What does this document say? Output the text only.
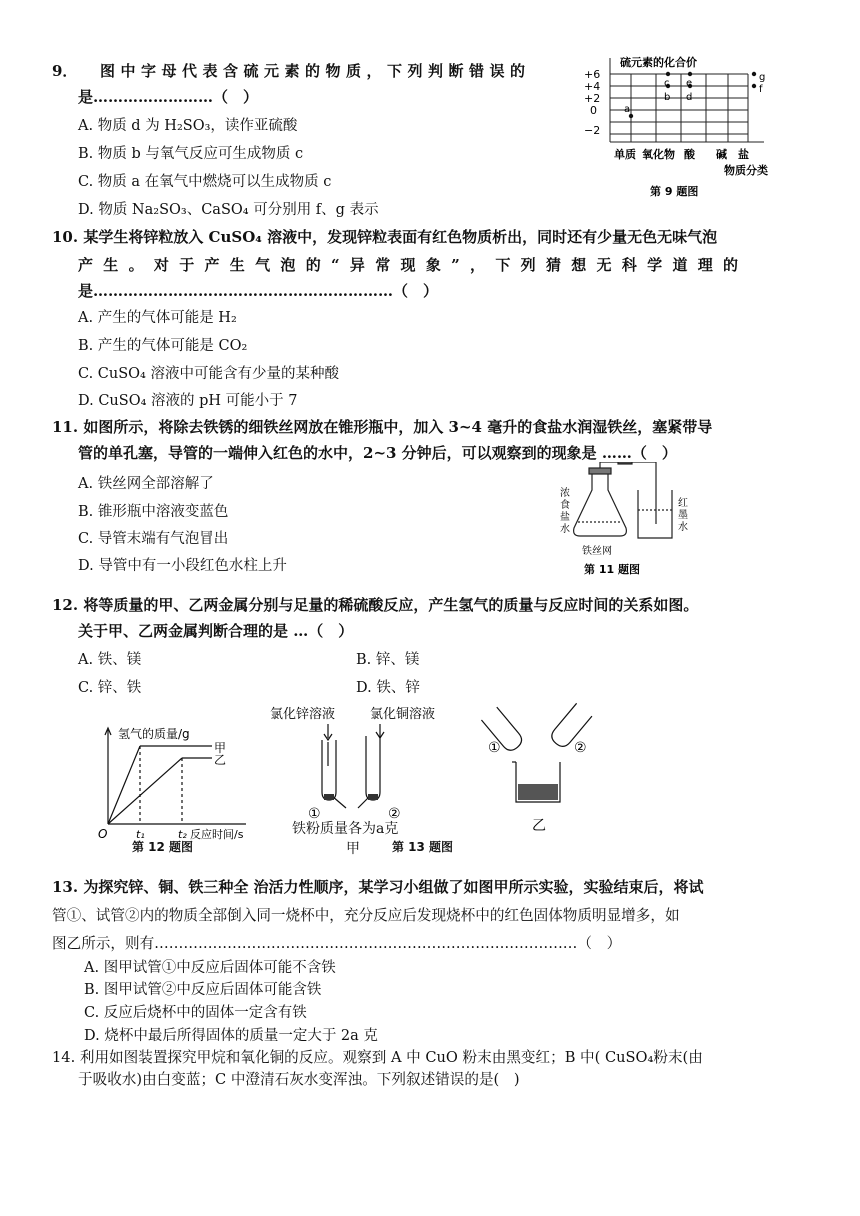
9． 图中字母代表含硫元素的物质，下列判断错误的
是……………………（　）
A. 物质 d 为 H₂SO₃，读作亚硫酸
B. 物质 b 与氧气反应可生成物质 c
C. 物质 a 在氧气中燃烧可以生成物质 c
D. 物质 Na₂SO₃、CaSO₄ 可分别用 f、g 表示
硫元素的化合价
+6
+4
+2
0
−2
a
b
c
d
e
f
g
单质 氧化物 酸 碱 盐
物质分类
第 9 题图
10. 某学生将锌粒放入 CuSO₄ 溶液中，发现锌粒表面有红色物质析出，同时还有少量无色无味气泡
产生。对于产生气泡的“异常现象”，下列猜想无科学道理的
是……………………………………………………（　）
A. 产生的气体可能是 H₂
B. 产生的气体可能是 CO₂
C. CuSO₄ 溶液中可能含有少量的某种酸
D. CuSO₄ 溶液的 pH 可能小于 7
11. 如图所示，将除去铁锈的细铁丝网放在锥形瓶中，加入 3~4 毫升的食盐水润湿铁丝，塞紧带导
管的单孔塞，导管的一端伸入红色的水中，2~3 分钟后，可以观察到的现象是 ……（　）
A. 铁丝网全部溶解了
B. 锥形瓶中溶液变蓝色
C. 导管末端有气泡冒出
D. 导管中有一小段红色水柱上升
浓
食
盐
水
红
墨
水
铁丝网
第 11 题图
12. 将等质量的甲、乙两金属分别与足量的稀硫酸反应，产生氢气的质量与反应时间的关系如图。
关于甲、乙两金属判断合理的是 …（　）
A. 铁、镁	B. 锌、镁
C. 锌、铁	D. 铁、锌
氢气的质量/g
甲
乙
O	t₁	t₂ 反应时间/s
第 12 题图
氯化锌溶液	氯化铜溶液
①	②
铁粉质量各为a克
甲	第 13 题图
①	②
乙
13. 为探究锌、铜、铁三种全 治活力性顺序，某学习小组做了如图甲所示实验，实验结束后，将试
管①、试管②内的物质全部倒入同一烧杯中，充分反应后发现烧杯中的红色固体物质明显增多，如
图乙所示，则有……………………………………………………………………………（　）
A. 图甲试管①中反应后固体可能不含铁
B. 图甲试管②中反应后固体可能含铁
C. 反应后烧杯中的固体一定含有铁
D. 烧杯中最后所得固体的质量一定大于 2a 克
14. 利用如图装置探究甲烷和氧化铜的反应。观察到 A 中 CuO 粉末由黑变红；B 中( CuSO₄粉末(由
于吸收水)由白变蓝；C 中澄清石灰水变浑浊。下列叙述错误的是(　)
